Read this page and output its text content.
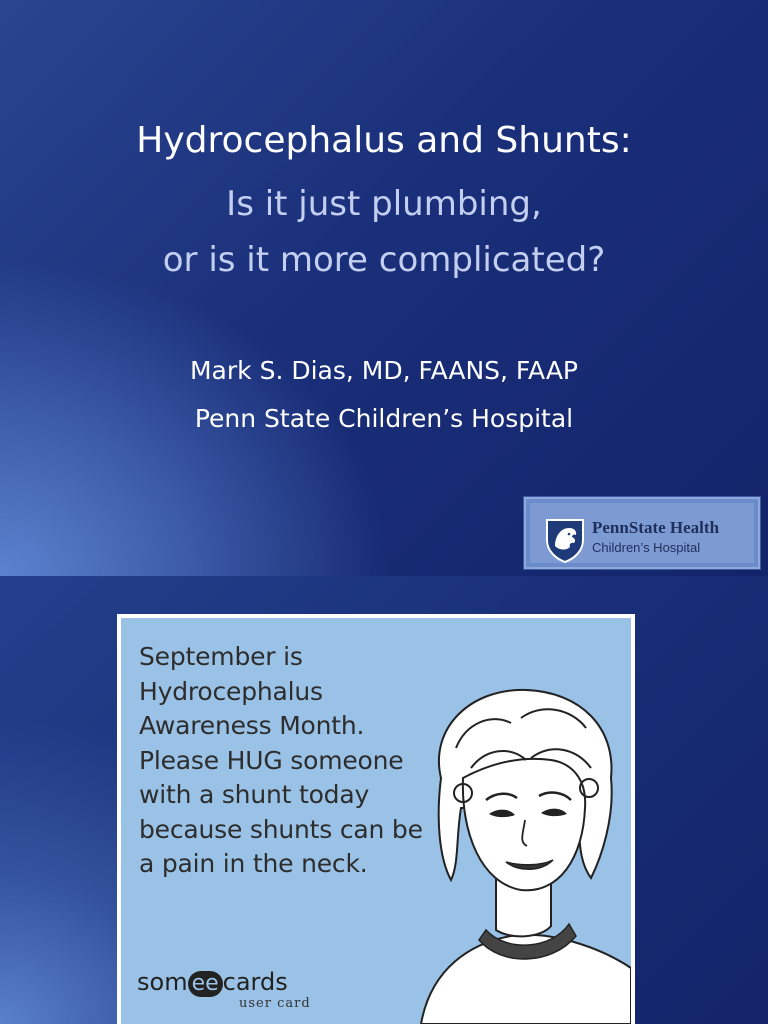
Hydrocephalus and Shunts:
Is it just plumbing,
or is it more complicated?
Mark S. Dias, MD, FAANS, FAAP
Penn State Children’s Hospital
PennState Health
Children’s Hospital
September is
Hydrocephalus
Awareness Month.
Please HUG someone
with a shunt today
because shunts can be
a pain in the neck.
som ee cards
user card
